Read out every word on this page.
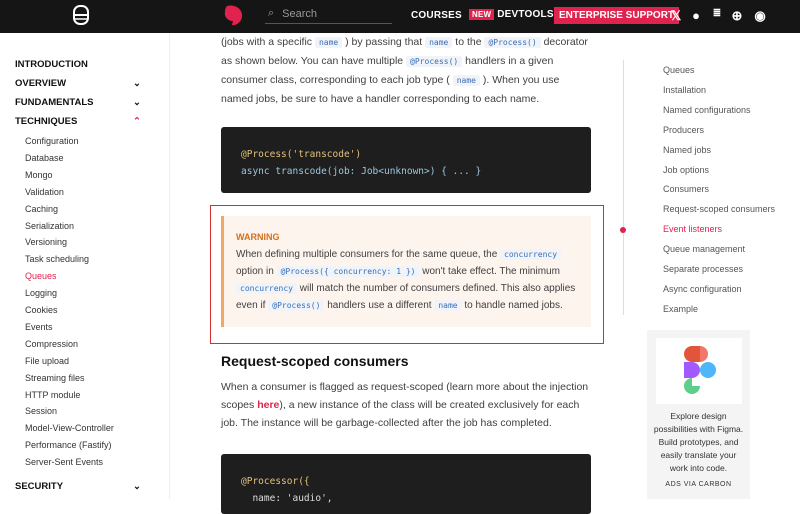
⌕ Search	COURSES	NEW DEVTOOLS ENTERPRISE SUPPORT
𝕏 ●	≣ ⊕ ◉
INTRODUCTION
OVERVIEW	⌄
FUNDAMENTALS	⌄
TECHNIQUES	⌃
Configuration
Database
Mongo
Validation
Caching
Serialization
Versioning
Task scheduling
Queues
Logging
Cookies
Events
Compression
File upload
Streaming files
HTTP module
Session
Model-View-Controller
Performance (Fastify)
Server-Sent Events
SECURITY	⌄

(jobs with a specific name ) by passing that name to the @Process() decorator as shown below. You can have multiple @Process() handlers in a given consumer class, corresponding to each job type ( name ). When you use named jobs, be sure to have a handler corresponding to each name.

@Process('transcode')
async transcode(job: Job<unknown>) { ... }
WARNING

When defining multiple consumers for the same queue, the concurrency option in @Process({ concurrency: 1 }) won't take effect. The minimum concurrency will match the number of consumers defined. This also applies even if @Process() handlers use a different name to handle named jobs.

Request-scoped consumers

When a consumer is flagged as request-scoped (learn more about the injection scopes here), a new instance of the class will be created exclusively for each job. The instance will be garbage-collected after the job has completed.

@Processor({
name: 'audio',
Queues
Installation
Named configurations
Producers
Named jobs
Job options
Consumers
Request-scoped consumers
Event listeners
Queue management
Separate processes
Async configuration
Example
Explore design possibilities with Figma. Build prototypes, and easily translate your work into code.
ADS VIA CARBON
